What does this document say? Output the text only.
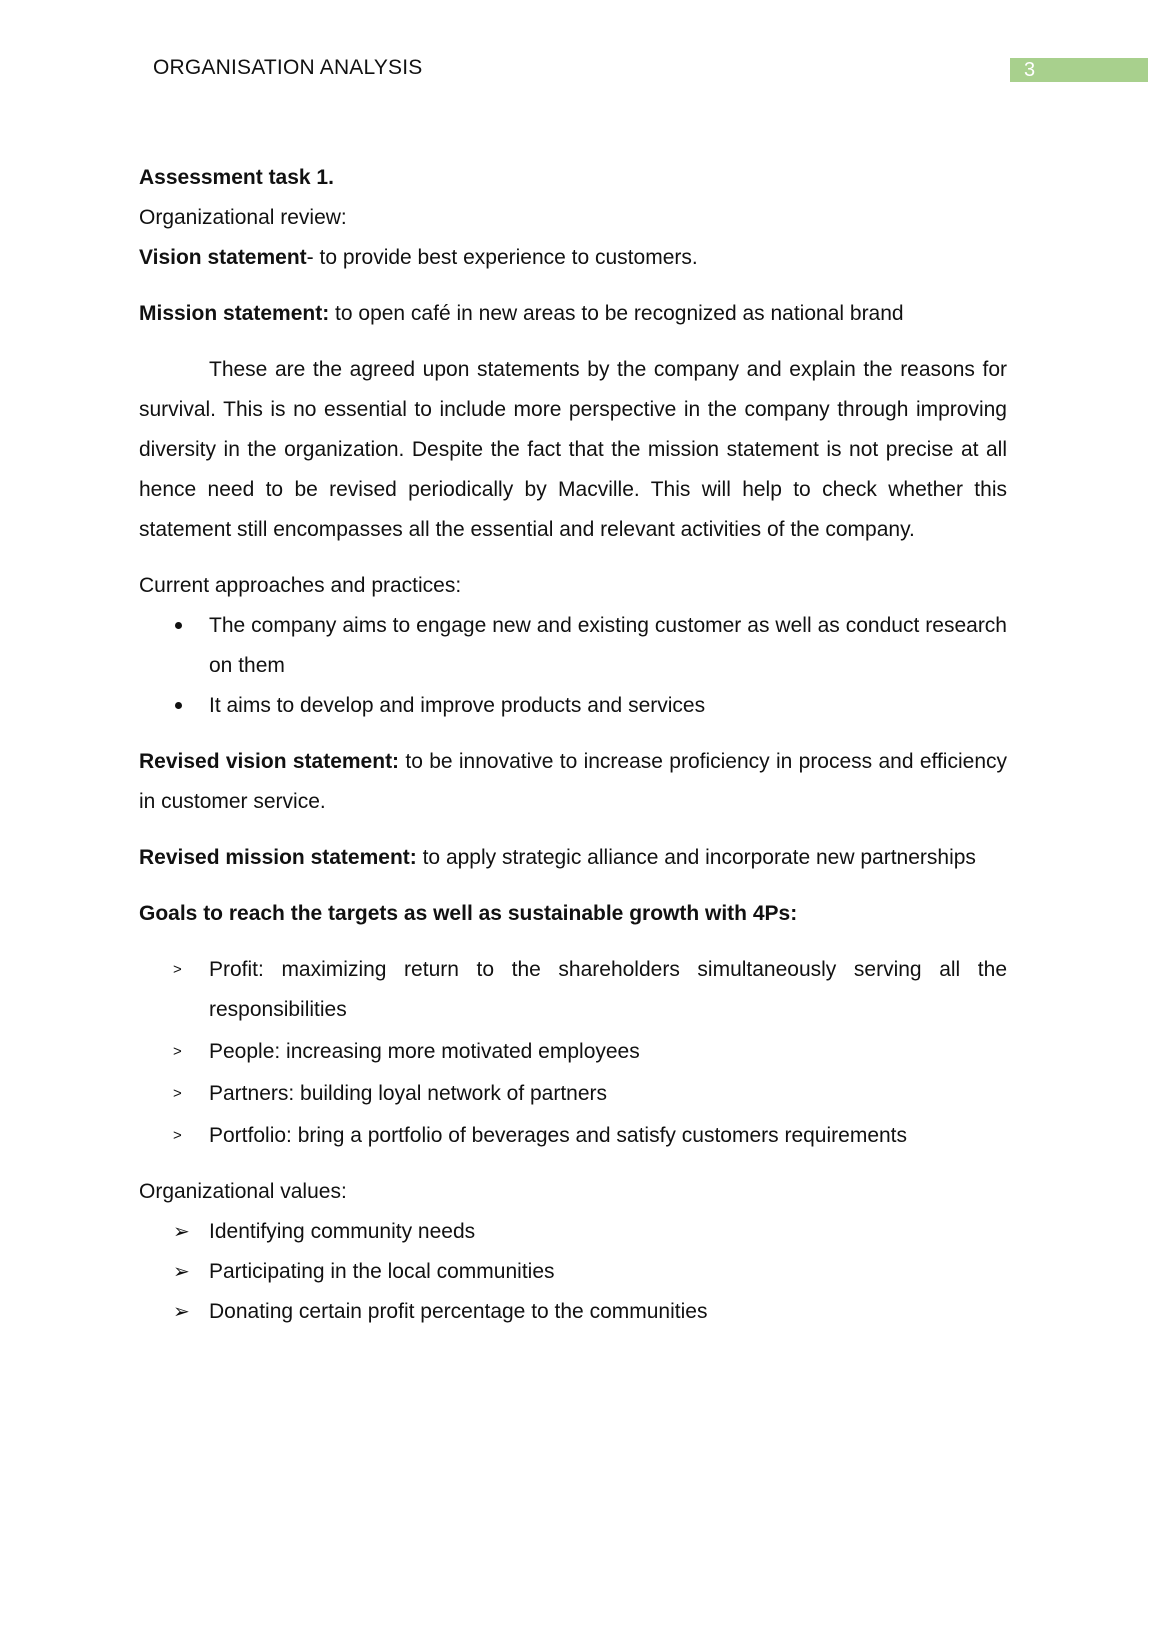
ORGANISATION ANALYSIS	3

Assessment task 1.

Organizational review:

Vision statement- to provide best experience to customers.

Mission statement: to open café in new areas to be recognized as national brand

These are the agreed upon statements by the company and explain the reasons for survival. This is no essential to include more perspective in the company through improving diversity in the organization. Despite the fact that the mission statement is not precise at all hence need to be revised periodically by Macville. This will help to check whether this statement still encompasses all the essential and relevant activities of the company.

Current approaches and practices:

The company aims to engage new and existing customer as well as conduct research on them
It aims to develop and improve products and services

Revised vision statement: to be innovative to increase proficiency in process and efficiency in customer service.

Revised mission statement: to apply strategic alliance and incorporate new partnerships

Goals to reach the targets as well as sustainable growth with 4Ps:

>	Profit: maximizing return to the shareholders simultaneously serving all the responsibilities
>	People: increasing more motivated employees
>	Partners: building loyal network of partners
>	Portfolio: bring a portfolio of beverages and satisfy customers requirements

Organizational values:

➢ Identifying community needs
➢ Participating in the local communities
➢ Donating certain profit percentage to the communities
